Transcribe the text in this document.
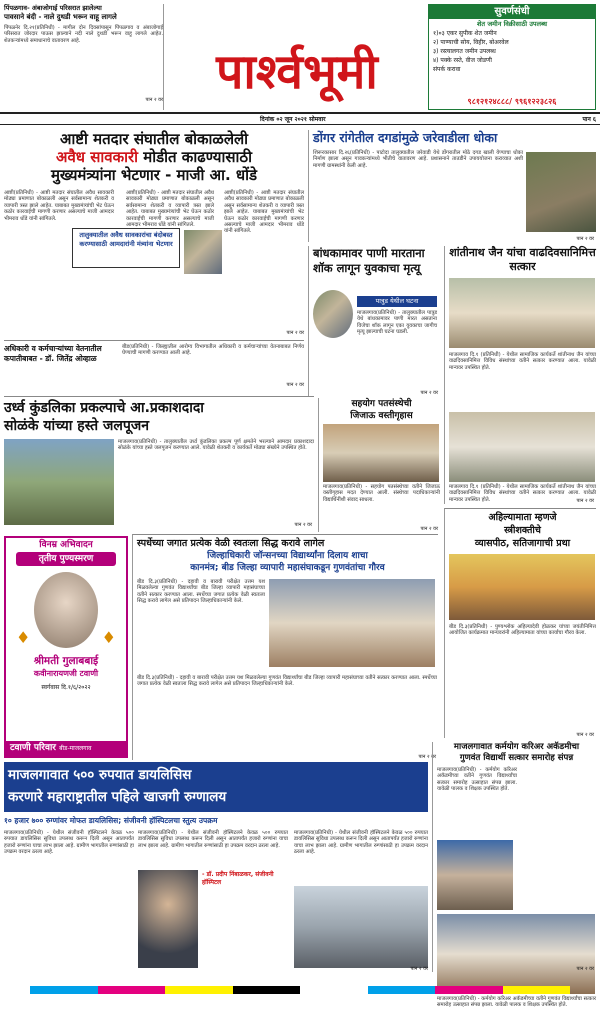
पिंपळगाव- अंबाजोगाई परिसरात झालेल्या
पावसाने बंदी - नाले दुथडी भरून वाहू लागले
पिंपळनेर दि.२१(प्रतिनिधी) - मागील दोन दिवसांपासून पिंपळगाव व अंबाजोगाई परिसरात जोरदार पाऊस झाल्याने नदी नाले दुथडी भरून वाहू लागले आहेत. शेतकऱ्यांमध्ये समाधानाचे वातावरण आहे.
पान २ वर	पार्श्वभूमी
सुवर्णसंधी
शेत जमीन विक्रीसाठी उपलब्ध
१)०३ एकर सुपीक शेत जमीन
२) पाण्याची सोय, विहीर, बोअरवेल
३) रस्त्यालगत जमीन उपलब्ध
४) पक्के रस्ते, वीज जोडणी
संपर्क करावा
९८१२१२४८८८/ ९९६१२२३८२६
दिनांक ०२ जून २०२१ सोमवार	पान ६
आष्टी मतदार संघातील बोकाळलेली
अवैध सावकारी मोडीत काढण्यासाठी
मुख्यमंत्र्यांना भेटणार - माजी आ. धोंडे
आष्टी(प्रतिनिधी) - आष्टी मतदार संघातील अवैध सावकारी मोठ्या प्रमाणात बोकाळली असून सर्वसामान्य शेतकरी व व्यापारी त्रस्त झाले आहेत. याबाबत मुख्यमंत्र्यांची भेट घेऊन कठोर कारवाईची मागणी करणार असल्याचे माजी आमदार भीमराव धोंडे यांनी सांगितले.
तालुक्यातील अवैध सावकारांचा बंदोबस्त करण्यासाठी आमदारांनी मंत्र्यांना भेटणार
आष्टी(प्रतिनिधी) - आष्टी मतदार संघातील अवैध सावकारी मोठ्या प्रमाणात बोकाळली असून सर्वसामान्य शेतकरी व व्यापारी त्रस्त झाले आहेत. याबाबत मुख्यमंत्र्यांची भेट घेऊन कठोर कारवाईची मागणी करणार असल्याचे माजी आमदार भीमराव धोंडे यांनी सांगितले.
आष्टी(प्रतिनिधी) - आष्टी मतदार संघातील अवैध सावकारी मोठ्या प्रमाणात बोकाळली असून सर्वसामान्य शेतकरी व व्यापारी त्रस्त झाले आहेत. याबाबत मुख्यमंत्र्यांची भेट घेऊन कठोर कारवाईची मागणी करणार असल्याचे माजी आमदार भीमराव धोंडे यांनी सांगितले.
पान २ वर
अधिकारी व कर्मचाऱ्यांच्या वेतनातील कपातीबाबत - डॉ. जितेंद्र ओव्हाळ
बीड(प्रतिनिधी) - जिल्ह्यातील आरोग्य विभागातील अधिकारी व कर्मचाऱ्यांच्या वेतनाबाबत निर्णय घेण्याची मागणी करण्यात आली आहे.
पान २ वर
डोंगर रांगेतील दगडांमुळे जरेवाडीला धोका
शिरूरकासार दि.२६(प्रतिनिधी) - पाटोदा तालुक्यातील जरेवाडी येथे डोंगरातील मोठे दगड खाली येण्याचा धोका निर्माण झाला असून गावकऱ्यांमध्ये भीतीचे वातावरण आहे. प्रशासनाने तातडीने उपाययोजना कराव्यात अशी मागणी ग्रामस्थांनी केली आहे.
पान २ वर
बांधकामावर पाणी मारताना
शॉक लागून युवकाचा मृत्यू
पात्रुड येथील घटना
माजलगाव(प्रतिनिधी) - तालुक्यातील पात्रुड येथे बांधकामावर पाणी मारत असताना विजेचा शॉक लागून एका युवकाचा जागीच मृत्यू झाल्याची घटना घडली.
पान २ वर
शांतीनाथ जैन यांचा वाढदिवसानिमित्त सत्कार
माजलगाव दि.१ (प्रतिनिधी) - येथील सामाजिक कार्यकर्ते शांतीनाथ जैन यांच्या वाढदिवसानिमित्त विविध संस्थांच्या वतीने सत्कार करण्यात आला. यावेळी मान्यवर उपस्थित होते.
माजलगाव दि.१ (प्रतिनिधी) - येथील सामाजिक कार्यकर्ते शांतीनाथ जैन यांच्या वाढदिवसानिमित्त विविध संस्थांच्या वतीने सत्कार करण्यात आला. यावेळी मान्यवर उपस्थित होते.	पान २ वर
उर्ध्व कुंडलिका प्रकल्पाचे आ.प्रकाशदादा
सोळंके यांच्या हस्ते जलपूजन
माजलगाव(प्रतिनिधी) - तालुक्यातील उर्ध्व कुंडलिका प्रकल्प पूर्ण क्षमतेने भरल्याने आमदार प्रकाशदादा सोळंके यांच्या हस्ते जलपूजन करण्यात आले. यावेळी शेतकरी व कार्यकर्ते मोठ्या संख्येने उपस्थित होते.
पान २ वर
सहयोग पतसंस्थेची
जिजाऊ वस्तीगृहास
माजलगाव(प्रतिनिधी) - सहयोग पतसंस्थेच्या वतीने जिजाऊ वस्तीगृहास मदत देण्यात आली. संस्थेच्या पदाधिकाऱ्यांनी विद्यार्थिनींशी संवाद साधला.
पान २ वर
स्पर्धेच्या जगात प्रत्येक वेळी स्वतःला सिद्ध करावे लागेल
जिल्हाधिकारी जॉन्सनच्या विद्यार्थ्यांना दिलाय शाचा
कानमंत्र; बीड जिल्हा व्यापारी महासंघाकडून गुणवंतांचा गौरव
बीड दि.३(प्रतिनिधी) - दहावी व बारावी परीक्षेत उत्तम यश मिळवलेल्या गुणवंत विद्यार्थ्यांचा बीड जिल्हा व्यापारी महासंघाच्या वतीने सत्कार करण्यात आला. स्पर्धेच्या जगात प्रत्येक वेळी स्वतःला सिद्ध करावे लागेल असे प्रतिपादन जिल्हाधिकाऱ्यांनी केले.
बीड दि.३(प्रतिनिधी) - दहावी व बारावी परीक्षेत उत्तम यश मिळवलेल्या गुणवंत विद्यार्थ्यांचा बीड जिल्हा व्यापारी महासंघाच्या वतीने सत्कार करण्यात आला. स्पर्धेच्या जगात प्रत्येक वेळी स्वतःला सिद्ध करावे लागेल असे प्रतिपादन जिल्हाधिकाऱ्यांनी केले.
पान २ वर
विनम्र अभिवादन
तृतीय पुण्यस्मरण
♦	♦
श्रीमती गुलाबबाई
कवीनारायणजी टवाणी
स्वर्गवास दि.१/६/२०२२
टवाणी परिवार बीड-माजलगाव
अहिल्यामाता म्हणजे
स्त्रीशक्तीचे
व्यासपीठ, सतिजागाची प्रथा
बीड दि.३(प्रतिनिधी) - पुण्यश्लोक अहिल्यादेवी होळकर यांच्या जयंतीनिमित्त आयोजित कार्यक्रमात मान्यवरांनी अहिल्यामाता यांच्या कार्याचा गौरव केला.
पान २ वर
माजलगावात ५०० रुपयात डायलिसिस
करणारे महाराष्ट्रातील पहिले खाजगी रुग्णालय
१० हजार ७०० रुग्णांवर मोफत डायलिसिस; संजीवनी हॉस्पिटलचा स्तुत्य उपक्रम
माजलगाव(प्रतिनिधी) - येथील संजीवनी हॉस्पिटलने केवळ ५०० रुपयात डायलिसिस सुविधा उपलब्ध करून दिली असून आतापर्यंत हजारो रुग्णांना याचा लाभ झाला आहे. ग्रामीण भागातील रुग्णांसाठी हा उपक्रम वरदान ठरला आहे.
माजलगाव(प्रतिनिधी) - येथील संजीवनी हॉस्पिटलने केवळ ५०० रुपयात डायलिसिस सुविधा उपलब्ध करून दिली असून आतापर्यंत हजारो रुग्णांना याचा लाभ झाला आहे. ग्रामीण भागातील रुग्णांसाठी हा उपक्रम वरदान ठरला आहे.
- डॉ. प्रदीप निंबाळकर, संजीवनी हॉस्पिटल
माजलगाव(प्रतिनिधी) - येथील संजीवनी हॉस्पिटलने केवळ ५०० रुपयात डायलिसिस सुविधा उपलब्ध करून दिली असून आतापर्यंत हजारो रुग्णांना याचा लाभ झाला आहे. ग्रामीण भागातील रुग्णांसाठी हा उपक्रम वरदान ठरला आहे.
पान २ वर
माजलगावात कर्मयोग करिअर अकॅडमीचा
गुणवंत विद्यार्थी सत्कार समारोह संपन्न
माजलगाव(प्रतिनिधी) - कर्मयोग करिअर अकॅडमीच्या वतीने गुणवंत विद्यार्थ्यांचा सत्कार समारोह उत्साहात संपन्न झाला. यावेळी पालक व शिक्षक उपस्थित होते.
माजलगाव(प्रतिनिधी) - कर्मयोग करिअर अकॅडमीच्या वतीने गुणवंत विद्यार्थ्यांचा सत्कार समारोह उत्साहात संपन्न झाला. यावेळी पालक व शिक्षक उपस्थित होते.
पान २ वर
